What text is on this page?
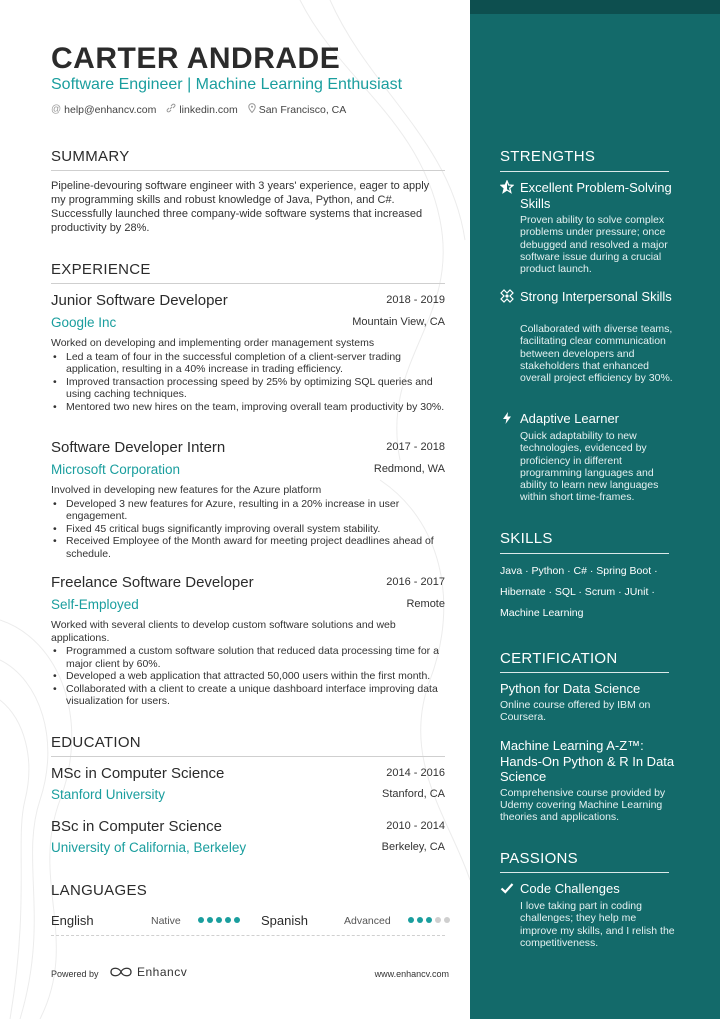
CARTER ANDRADE
Software Engineer | Machine Learning Enthusiast
@ help@enhancv.com linkedin.com San Francisco, CA
SUMMARY
Pipeline-devouring software engineer with 3 years' experience, eager to apply my programming skills and robust knowledge of Java, Python, and C#. Successfully launched three company-wide software systems that increased productivity by 28%.
EXPERIENCE
Junior Software Developer	2018 - 2019
Google Inc	Mountain View, CA
Worked on developing and implementing order management systems
• Led a team of four in the successful completion of a client-server trading application, resulting in a 40% increase in trading efficiency.
• Improved transaction processing speed by 25% by optimizing SQL queries and using caching techniques.
• Mentored two new hires on the team, improving overall team productivity by 30%.
Software Developer Intern	2017 - 2018
Microsoft Corporation	Redmond, WA
Involved in developing new features for the Azure platform
• Developed 3 new features for Azure, resulting in a 20% increase in user engagement.
• Fixed 45 critical bugs significantly improving overall system stability.
• Received Employee of the Month award for meeting project deadlines ahead of schedule.
Freelance Software Developer	2016 - 2017
Self-Employed	Remote
Worked with several clients to develop custom software solutions and web applications.
• Programmed a custom software solution that reduced data processing time for a major client by 60%.
• Developed a web application that attracted 50,000 users within the first month.
• Collaborated with a client to create a unique dashboard interface improving data visualization for users.
EDUCATION
MSc in Computer Science	2014 - 2016
Stanford University	Stanford, CA
BSc in Computer Science	2010 - 2014
University of California, Berkeley	Berkeley, CA
LANGUAGES
English	Native	Spanish	Advanced
Powered by	Enhancv	www.enhancv.com
STRENGTHS
Excellent Problem-Solving Skills
Proven ability to solve complex problems under pressure; once debugged and resolved a major software issue during a crucial product launch.
Strong Interpersonal Skills
Collaborated with diverse teams, facilitating clear communication between developers and stakeholders that enhanced overall project efficiency by 30%.
Adaptive Learner
Quick adaptability to new technologies, evidenced by proficiency in different programming languages and ability to learn new languages within short time-frames.
SKILLS
Java · Python · C# · Spring Boot ·
Hibernate · SQL · Scrum · JUnit ·
Machine Learning
CERTIFICATION
Python for Data Science
Online course offered by IBM on Coursera.
Machine Learning A-Z™: Hands-On Python & R In Data Science
Comprehensive course provided by Udemy covering Machine Learning theories and applications.
PASSIONS
Code Challenges
I love taking part in coding challenges; they help me improve my skills, and I relish the competitiveness.
